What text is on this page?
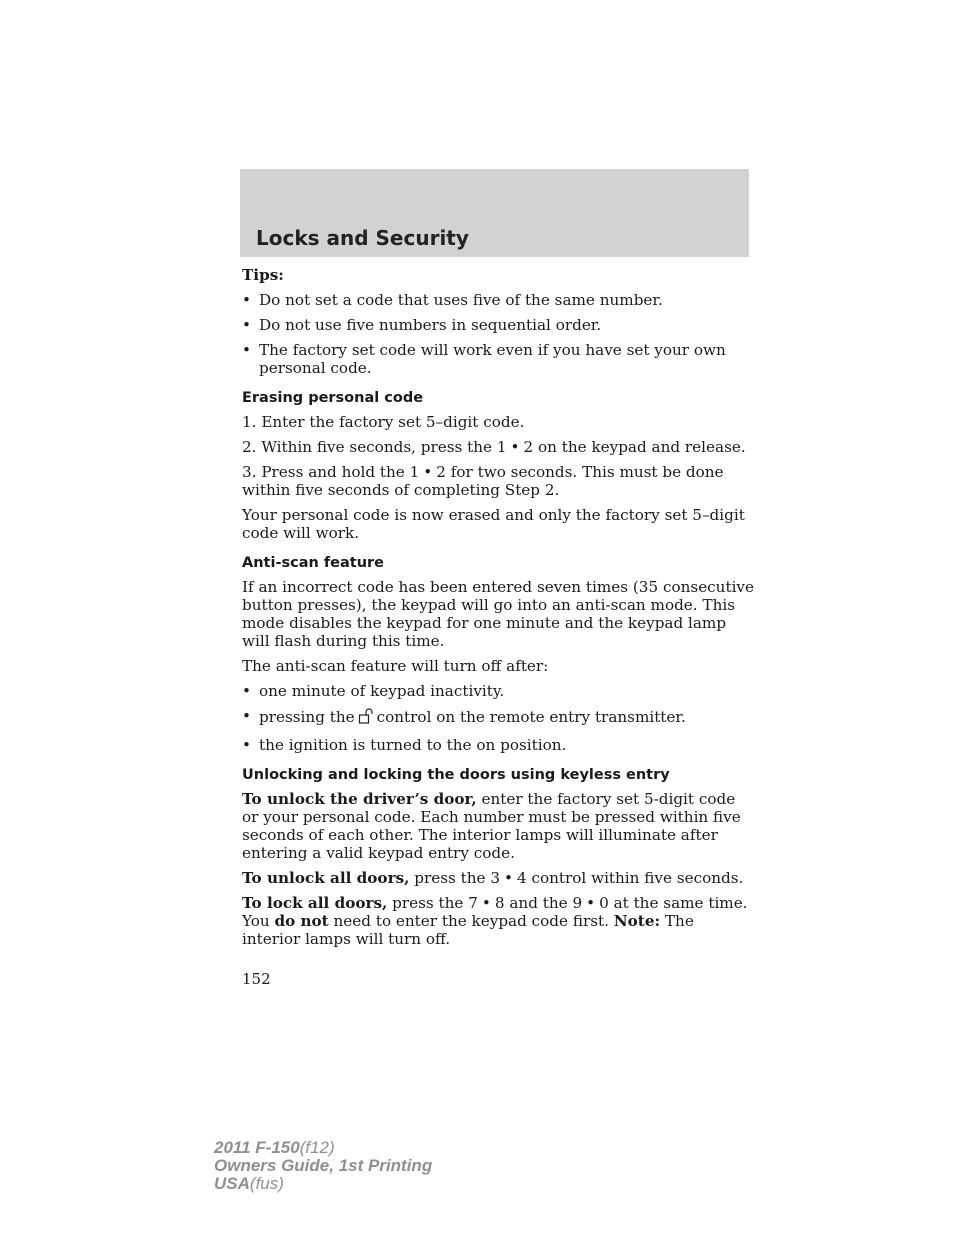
Locks and Security

Tips:

• Do not set a code that uses five of the same number.
• Do not use five numbers in sequential order.
• The factory set code will work even if you have set your own personal code.
Erasing personal code

1. Enter the factory set 5–digit code.

2. Within five seconds, press the 1 • 2 on the keypad and release.

3. Press and hold the 1 • 2 for two seconds. This must be done within five seconds of completing Step 2.

Your personal code is now erased and only the factory set 5–digit code will work.

Anti-scan feature

If an incorrect code has been entered seven times (35 consecutive button presses), the keypad will go into an anti-scan mode. This mode disables the keypad for one minute and the keypad lamp will flash during this time.

The anti-scan feature will turn off after:

• one minute of keypad inactivity.
• pressing the control on the remote entry transmitter.
• the ignition is turned to the on position.
Unlocking and locking the doors using keyless entry

To unlock the driver’s door, enter the factory set 5-digit code or your personal code. Each number must be pressed within five seconds of each other. The interior lamps will illuminate after entering a valid keypad entry code.

To unlock all doors, press the 3 • 4 control within five seconds.

To lock all doors, press the 7 • 8 and the 9 • 0 at the same time. You do not need to enter the keypad code first. Note: The interior lamps will turn off.

152
2011 F-150(f12)
Owners Guide, 1st Printing
USA(fus)
